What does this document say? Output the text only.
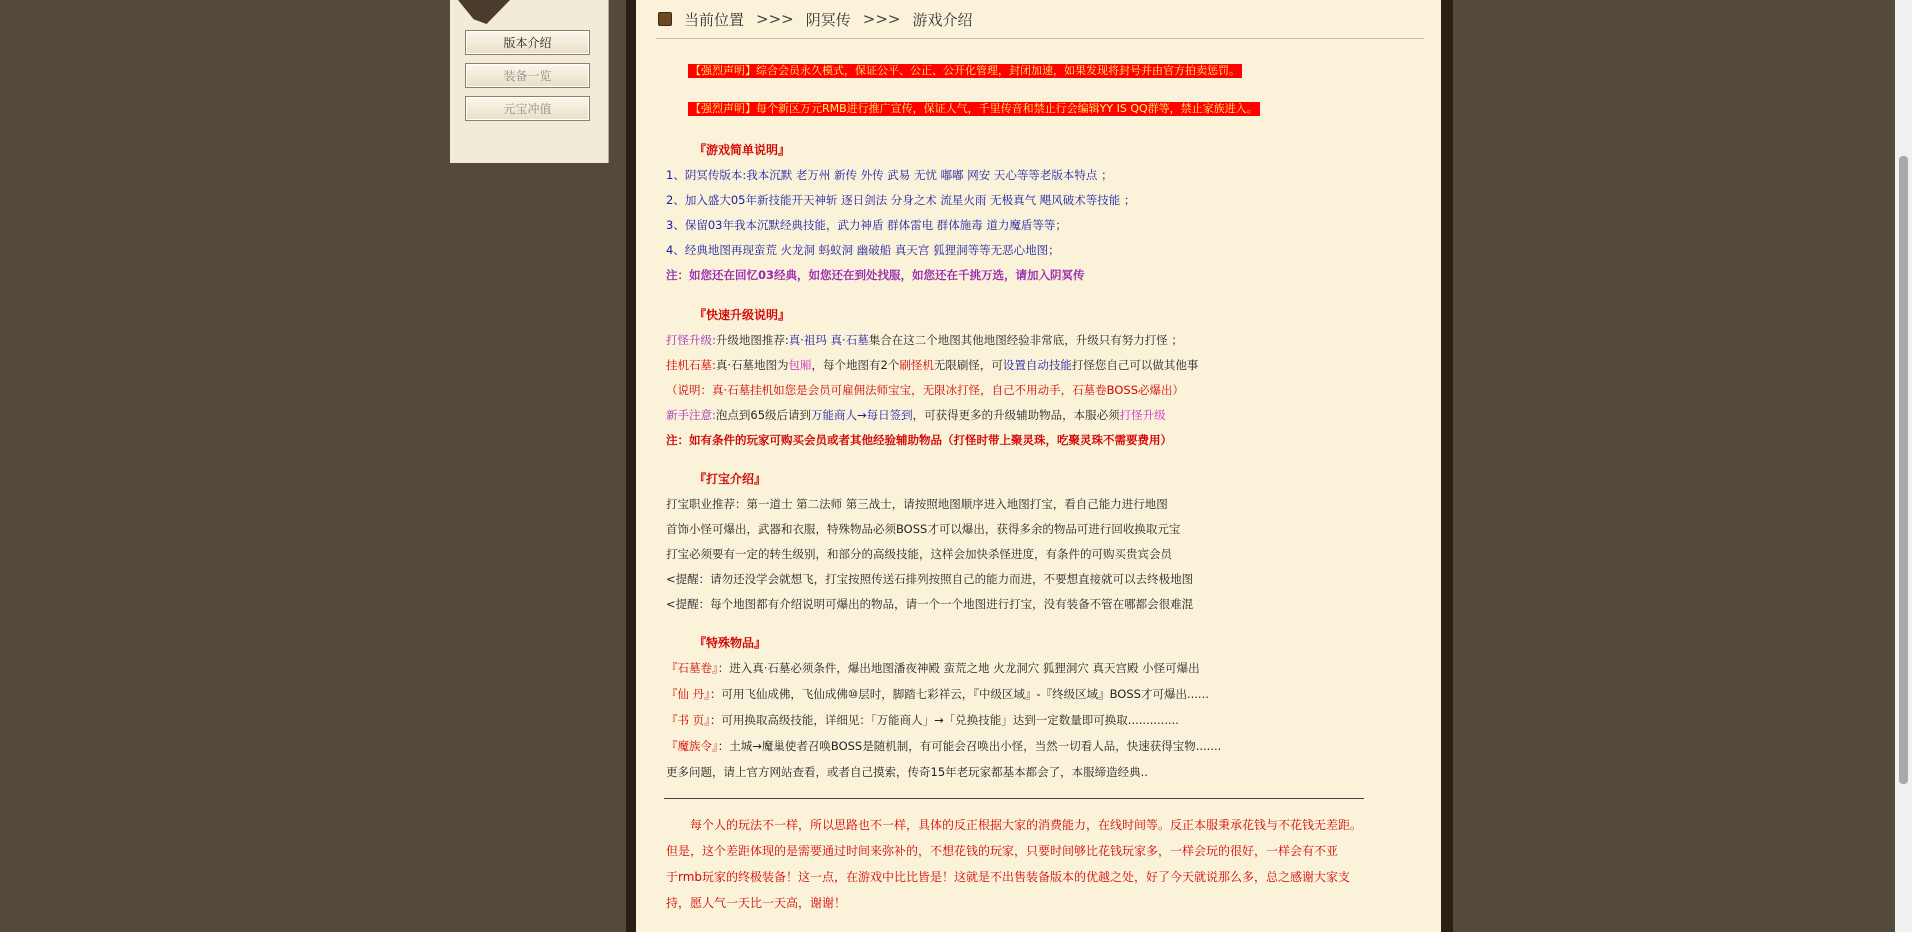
版本介绍
装备一览
元宝冲值
当前位置 >>> 阴冥传 >>> 游戏介绍
【强烈声明】综合会员永久模式，保证公平、公正、公开化管理，封闭加速，如果发现将封号并由官方拍卖惩罚。
【强烈声明】每个新区万元RMB进行推广宣传，保证人气，千里传音和禁止行会编辑YY IS QQ群等，禁止家族进入。
『游戏简单说明』
1、阴冥传版本:我本沉默 老万州 新传 外传 武易 无忧 嘟嘟 网安 天心等等老版本特点 ；
2、加入盛大05年新技能开天神斩 逐日剑法 分身之术 流星火雨 无极真气 飓风破术等技能 ；
3、保留03年我本沉默经典技能，武力神盾 群体雷电 群体施毒 道力魔盾等等；
4、经典地图再现蛮荒 火龙洞 蚂蚁洞 幽破船 真天宫 狐狸洞等等无恶心地图；
注：如您还在回忆03经典，如您还在到处找服，如您还在千挑万选，请加入阴冥传
『快速升级说明』
打怪升级:升级地图推荐:真·祖玛 真·石墓集合在这二个地图其他地图经验非常底，升级只有努力打怪 ；
挂机石墓:真·石墓地图为包厢，每个地图有2个刷怪机无限刷怪，可设置自动技能打怪您自己可以做其他事
（说明：真·石墓挂机如您是会员可雇佣法师宝宝，无限冰打怪，自己不用动手，石墓卷BOSS必爆出）
新手注意:泡点到65级后请到万能商人→每日签到，可获得更多的升级辅助物品，本服必须打怪升级
注：如有条件的玩家可购买会员或者其他经验辅助物品（打怪时带上聚灵珠，吃聚灵珠不需要费用）
『打宝介绍』
打宝职业推荐：第一道士 第二法师 第三战士，请按照地图顺序进入地图打宝，看自己能力进行地图
首饰小怪可爆出，武器和衣服，特殊物品必须BOSS才可以爆出，获得多余的物品可进行回收换取元宝
打宝必须要有一定的转生级别，和部分的高级技能，这样会加快杀怪进度，有条件的可购买贵宾会员
<提醒：请勿还没学会就想飞，打宝按照传送石排列按照自己的能力而进，不要想直接就可以去终极地图
<提醒：每个地图都有介绍说明可爆出的物品，请一个一个地图进行打宝，没有装备不管在哪都会很难混
『特殊物品』
『石墓卷』：进入真·石墓必须条件，爆出地图潘夜神殿 蛮荒之地 火龙洞穴 狐狸洞穴 真天宫殿 小怪可爆出
『仙 丹』：可用飞仙成佛，飞仙成佛⑩层时，脚踏七彩祥云，『中级区域』-『终级区域』BOSS才可爆出......
『书 页』：可用换取高级技能，详细见：「万能商人」→「兑换技能」达到一定数量即可换取..............
『魔族令』：土城→魔巢使者召唤BOSS是随机制，有可能会召唤出小怪，当然一切看人品，快速获得宝物.......
更多问题，请上官方网站查看，或者自己摸索，传奇15年老玩家都基本都会了，本服缔造经典..
　　每个人的玩法不一样，所以思路也不一样，具体的反正根据大家的消费能力，在线时间等。反正本服秉承花钱与不花钱无差距。
但是，这个差距体现的是需要通过时间来弥补的，不想花钱的玩家，只要时间够比花钱玩家多，一样会玩的很好，一样会有不亚
于rmb玩家的终极装备！这一点，在游戏中比比皆是！这就是不出售装备版本的优越之处，好了今天就说那么多，总之感谢大家支
持，愿人气一天比一天高，谢谢！
